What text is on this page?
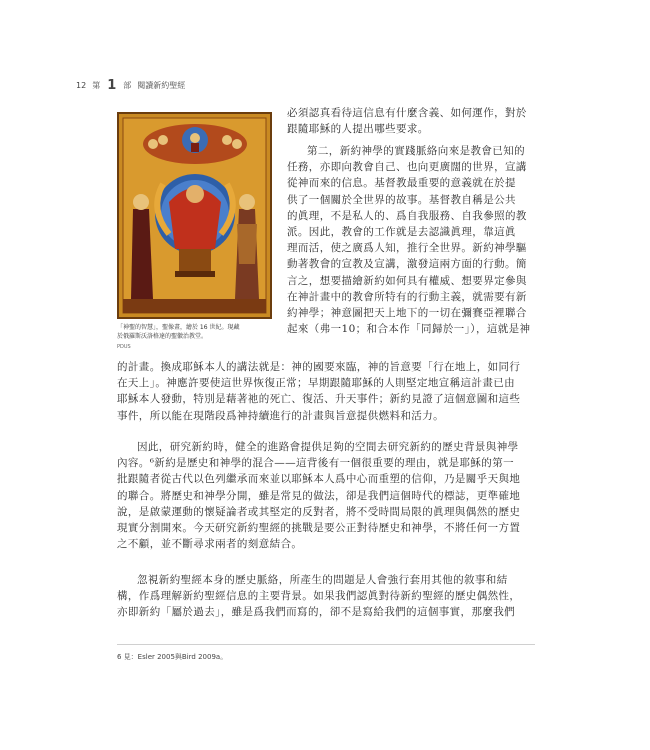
12 第 1 部 閱讀新約聖經
「神聖的智慧」，聖像畫，繪於 16 世紀。現藏
於俄羅斯沃洛格達的聖徽治教堂。
PDUS
必須認真看待這信息有什麼含義、如何運作，對於
跟隨耶穌的人提出哪些要求。
第二，新約神學的實踐脈絡向來是教會已知的
任務，亦即向教會自己、也向更廣闊的世界，宣講
從神而來的信息。基督教最重要的意義就在於提
供了一個關於全世界的故事。基督教自稱是公共
的眞理，不是私人的、爲自我服務、自我參照的教
派。因此，教會的工作就是去認識眞理，靠這眞
理而活，使之廣爲人知，推行全世界。新約神學驅
動著教會的宣教及宣講，激發這兩方面的行動。簡
言之，想要描繪新約如何具有權威、想要界定參與
在神計畫中的教會所特有的行動主義，就需要有新
約神學；神意圖把天上地下的一切在彌賽亞裡聯合
起來（弗一10；和合本作「同歸於一」），這就是神
的計畫。換成耶穌本人的講法就是：神的國要來臨，神的旨意要「行在地上，如同行
在天上」。神應許要使這世界恢復正常；早期跟隨耶穌的人則堅定地宣稱這計畫已由
耶穌本人發動，特別是藉著祂的死亡、復活、升天事件；新約見證了這個意圖和這些
事件，所以能在現階段爲神持續進行的計畫與旨意提供燃料和活力。
因此，研究新約時，健全的進路會提供足夠的空間去研究新約的歷史背景與神學
內容。⁶新約是歷史和神學的混合——這背後有一個很重要的理由，就是耶穌的第一
批跟隨者從古代以色列繼承而來並以耶穌本人爲中心而重塑的信仰，乃是關乎天與地
的聯合。將歷史和神學分開，雖是常見的做法，卻是我們這個時代的標誌，更準確地
說，是啟蒙運動的懷疑論者或其堅定的反對者，將不受時間局限的眞理與偶然的歷史
現實分割開來。今天研究新約聖經的挑戰是要公正對待歷史和神學，不將任何一方置
之不顧，並不斷尋求兩者的刻意結合。
忽視新約聖經本身的歷史脈絡，所產生的問題是人會強行套用其他的敘事和結
構，作爲理解新約聖經信息的主要背景。如果我們認眞對待新約聖經的歷史偶然性，
亦即新約「屬於過去」，雖是爲我們而寫的，卻不是寫給我們的這個事實，那麼我們
6 見：Esler 2005與Bird 2009a。
